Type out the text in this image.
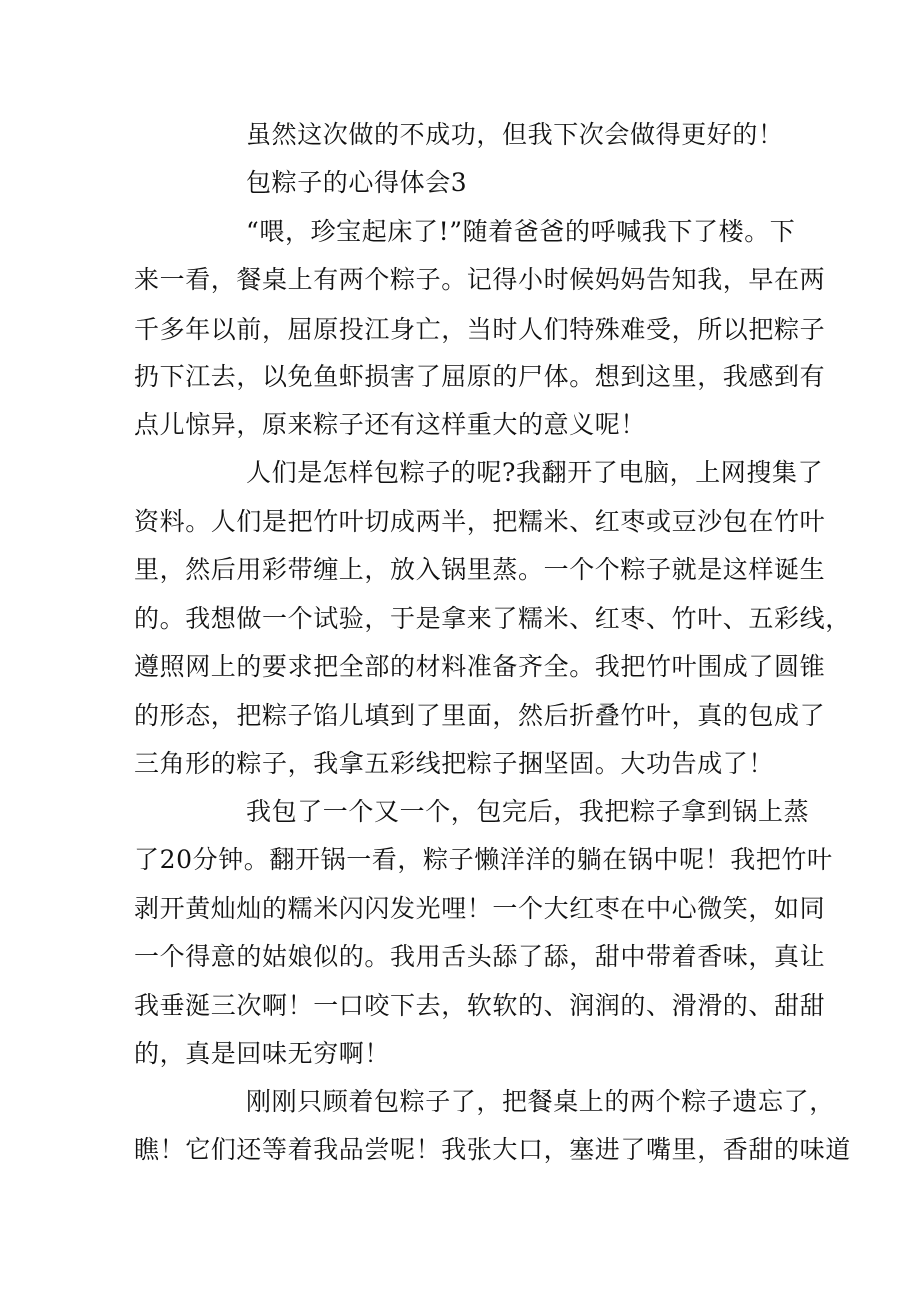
虽然这次做的不成功，但我下次会做得更好的！
包粽子的心得体会3
“喂，珍宝起床了!”随着爸爸的呼喊我下了楼。下
来一看，餐桌上有两个粽子。记得小时候妈妈告知我，早在两
千多年以前，屈原投江身亡，当时人们特殊难受，所以把粽子
扔下江去，以免鱼虾损害了屈原的尸体。想到这里，我感到有
点儿惊异，原来粽子还有这样重大的意义呢！
人们是怎样包粽子的呢?我翻开了电脑，上网搜集了
资料。人们是把竹叶切成两半，把糯米、红枣或豆沙包在竹叶
里，然后用彩带缠上，放入锅里蒸。一个个粽子就是这样诞生
的。我想做一个试验，于是拿来了糯米、红枣、竹叶、五彩线，
遵照网上的要求把全部的材料准备齐全。我把竹叶围成了圆锥
的形态，把粽子馅儿填到了里面，然后折叠竹叶，真的包成了
三角形的粽子，我拿五彩线把粽子捆坚固。大功告成了！
我包了一个又一个，包完后，我把粽子拿到锅上蒸
了20分钟。翻开锅一看，粽子懒洋洋的躺在锅中呢！我把竹叶
剥开黄灿灿的糯米闪闪发光哩！一个大红枣在中心微笑，如同
一个得意的姑娘似的。我用舌头舔了舔，甜中带着香味，真让
我垂涎三次啊！一口咬下去，软软的、润润的、滑滑的、甜甜
的，真是回味无穷啊！
刚刚只顾着包粽子了，把餐桌上的两个粽子遗忘了，
瞧！它们还等着我品尝呢！我张大口，塞进了嘴里，香甜的味道
